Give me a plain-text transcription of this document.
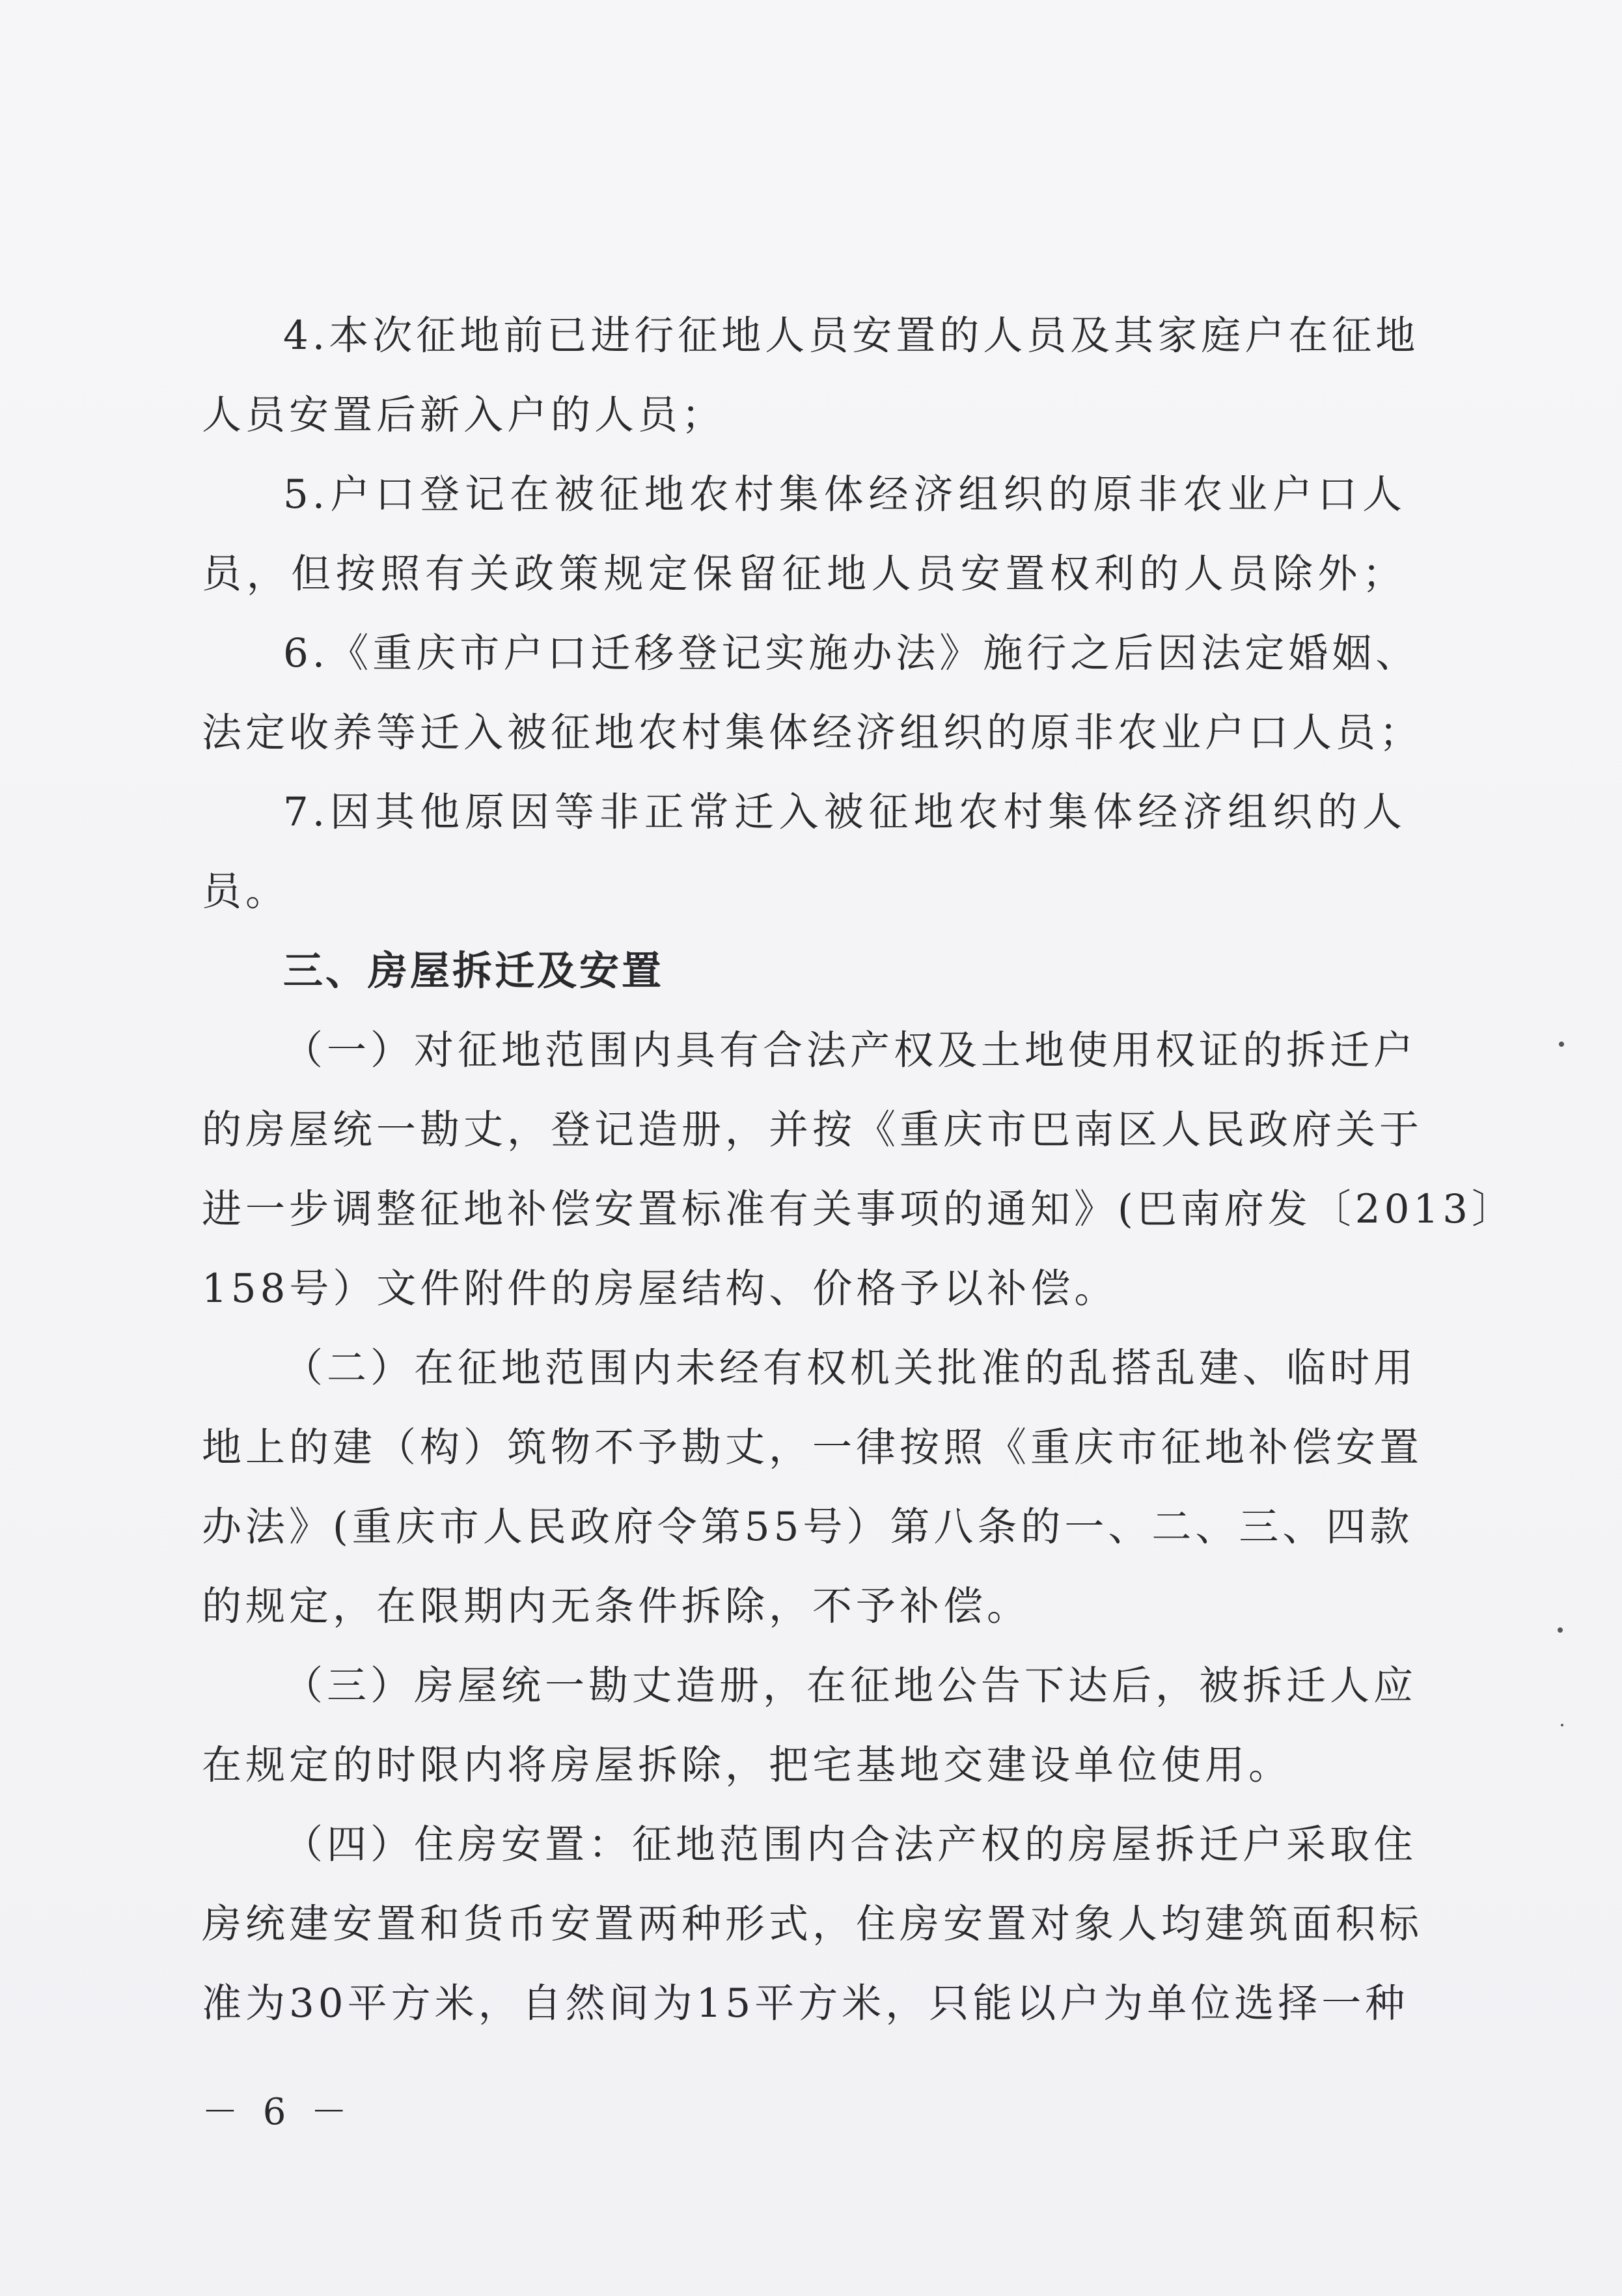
4.本次征地前已进行征地人员安置的人员及其家庭户在征地
人员安置后新入户的人员；
5.户口登记在被征地农村集体经济组织的原非农业户口人
员，但按照有关政策规定保留征地人员安置权利的人员除外；
6.《重庆市户口迁移登记实施办法》施行之后因法定婚姻、
法定收养等迁入被征地农村集体经济组织的原非农业户口人员；
7.因其他原因等非正常迁入被征地农村集体经济组织的人
员。
三、房屋拆迁及安置
（一）对征地范围内具有合法产权及土地使用权证的拆迁户
的房屋统一勘丈，登记造册，并按《重庆市巴南区人民政府关于
进一步调整征地补偿安置标准有关事项的通知》(巴南府发〔2013〕
158号）文件附件的房屋结构、价格予以补偿。
（二）在征地范围内未经有权机关批准的乱搭乱建、临时用
地上的建（构）筑物不予勘丈，一律按照《重庆市征地补偿安置
办法》(重庆市人民政府令第55号）第八条的一、二、三、四款
的规定，在限期内无条件拆除，不予补偿。
（三）房屋统一勘丈造册，在征地公告下达后，被拆迁人应
在规定的时限内将房屋拆除，把宅基地交建设单位使用。
（四）住房安置：征地范围内合法产权的房屋拆迁户采取住
房统建安置和货币安置两种形式，住房安置对象人均建筑面积标
准为30平方米，自然间为15平方米，只能以户为单位选择一种
－ 6 －
